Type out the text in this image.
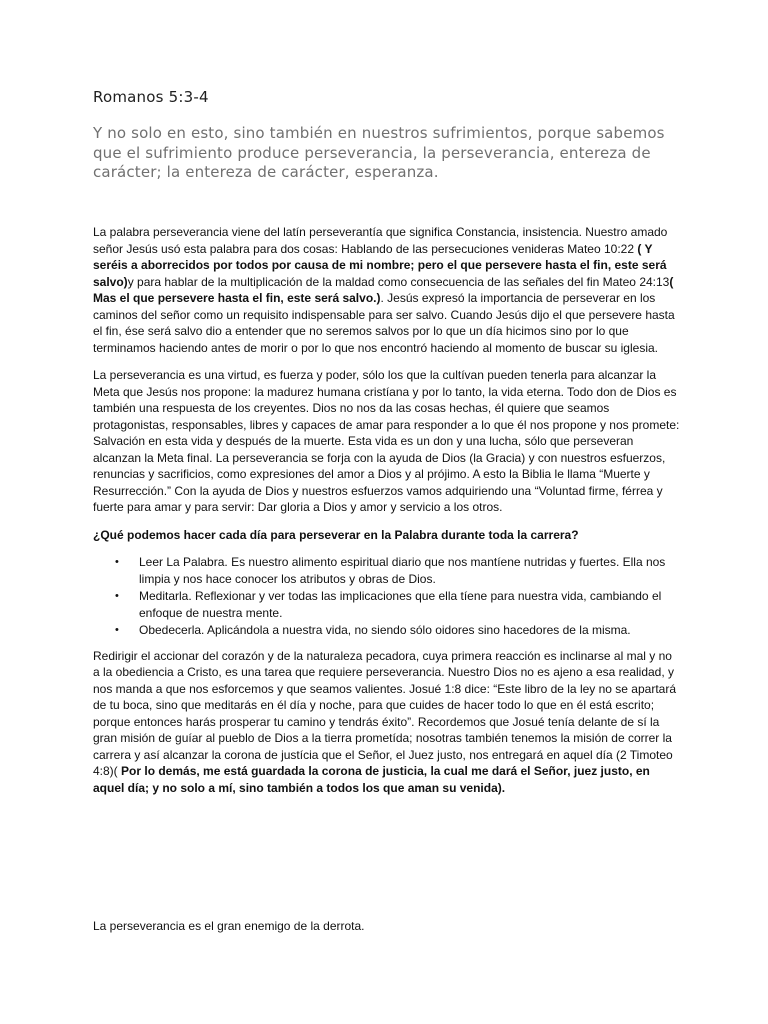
Romanos 5:3-4

Y no solo en esto, sino también en nuestros sufrimientos, porque sabemos que el sufrimiento produce perseverancia, la perseverancia, entereza de carácter; la entereza de carácter, esperanza.

La palabra perseverancia viene del latín perseverantía que significa Constancia, insistencia. Nuestro amado señor Jesús usó esta palabra para dos cosas: Hablando de las persecuciones venideras Mateo 10:22 ( Y seréis a aborrecidos por todos por causa de mi nombre; pero el que persevere hasta el fin, este será salvo)y para hablar de la multiplicación de la maldad como consecuencia de las señales del fin Mateo 24:13( Mas el que persevere hasta el fin, este será salvo.). Jesús expresó la importancia de perseverar en los caminos del señor como un requisito indispensable para ser salvo. Cuando Jesús dijo el que persevere hasta el fin, ése será salvo dio a entender que no seremos salvos por lo que un día hicimos sino por lo que terminamos haciendo antes de morir o por lo que nos encontró haciendo al momento de buscar su iglesia.

La perseverancia es una virtud, es fuerza y poder, sólo los que la cultívan pueden tenerla para alcanzar la Meta que Jesús nos propone: la madurez humana cristíana y por lo tanto, la vida eterna. Todo don de Dios es también una respuesta de los creyentes. Dios no nos da las cosas hechas, él quiere que seamos protagonistas, responsables, libres y capaces de amar para responder a lo que él nos propone y nos promete: Salvación en esta vida y después de la muerte. Esta vida es un don y una lucha, sólo que perseveran alcanzan la Meta final. La perseverancia se forja con la ayuda de Dios (la Gracia) y con nuestros esfuerzos, renuncias y sacrificios, como expresiones del amor a Dios y al prójimo. A esto la Biblia le llama “Muerte y Resurrección.” Con la ayuda de Dios y nuestros esfuerzos vamos adquiriendo una “Voluntad firme, férrea y fuerte para amar y para servir: Dar gloria a Dios y amor y servicio a los otros.

¿Qué podemos hacer cada día para perseverar en la Palabra durante toda la carrera?

• Leer La Palabra. Es nuestro alimento espiritual diario que nos mantíene nutridas y fuertes. Ella nos limpia y nos hace conocer los atributos y obras de Dios.
• Meditarla. Reflexionar y ver todas las implicaciones que ella tíene para nuestra vida, cambiando el enfoque de nuestra mente.
• Obedecerla. Aplicándola a nuestra vida, no siendo sólo oidores sino hacedores de la misma.

Redirigir el accionar del corazón y de la naturaleza pecadora, cuya primera reacción es inclinarse al mal y no a la obediencia a Cristo, es una tarea que requiere perseverancia. Nuestro Dios no es ajeno a esa realidad, y nos manda a que nos esforcemos y que seamos valientes. Josué 1:8 dice: “Este libro de la ley no se apartará de tu boca, sino que meditarás en él día y noche, para que cuides de hacer todo lo que en él está escrito; porque entonces harás prosperar tu camino y tendrás éxito”. Recordemos que Josué tenía delante de sí la gran misión de guíar al pueblo de Dios a la tierra prometída; nosotras también tenemos la misión de correr la carrera y así alcanzar la corona de justícia que el Señor, el Juez justo, nos entregará en aquel día (2 Timoteo 4:8)( Por lo demás, me está guardada la corona de justicia, la cual me dará el Señor, juez justo, en aquel día; y no solo a mí, sino también a todos los que aman su venida).

La perseverancia es el gran enemigo de la derrota.
